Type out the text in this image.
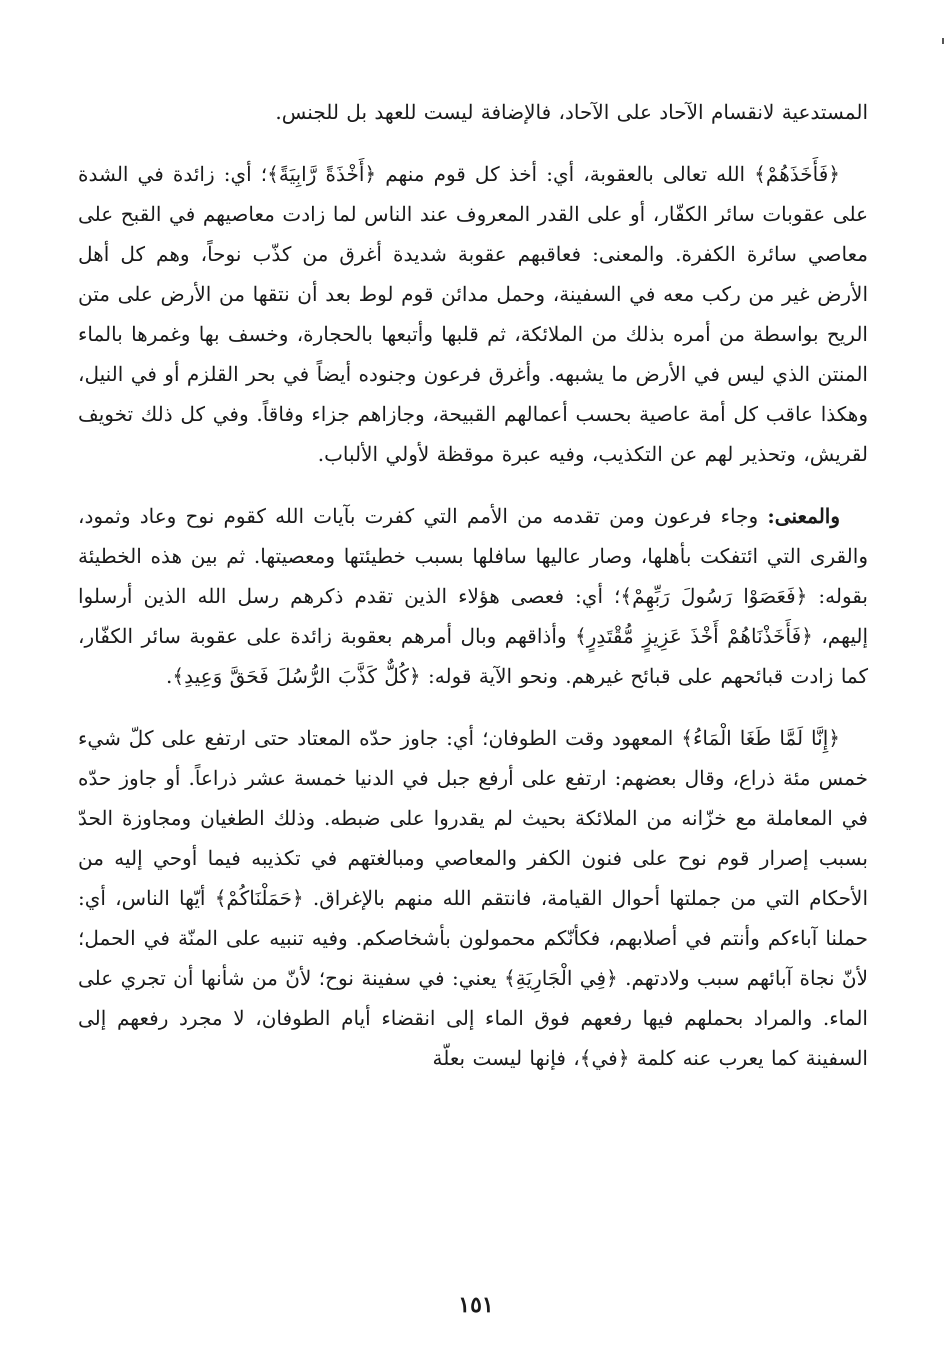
المستدعية لانقسام الآحاد على الآحاد، فالإضافة ليست للعهد بل للجنس.

﴿فَأَخَذَهُمْ﴾ الله تعالى بالعقوبة، أي: أخذ كل قوم منهم ﴿أَخْذَةً رَّابِيَةً﴾؛ أي: زائدة في الشدة على عقوبات سائر الكفّار، أو على القدر المعروف عند الناس لما زادت معاصيهم في القبح على معاصي سائرة الكفرة. والمعنى: فعاقبهم عقوبة شديدة أغرق من كذّب نوحاً، وهم كل أهل الأرض غير من ركب معه في السفينة، وحمل مدائن قوم لوط بعد أن نتقها من الأرض على متن الريح بواسطة من أمره بذلك من الملائكة، ثم قلبها وأتبعها بالحجارة، وخسف بها وغمرها بالماء المنتن الذي ليس في الأرض ما يشبهه. وأغرق فرعون وجنوده أيضاً في بحر القلزم أو في النيل، وهكذا عاقب كل أمة عاصية بحسب أعمالهم القبيحة، وجازاهم جزاء وفاقاً. وفي كل ذلك تخويف لقريش، وتحذير لهم عن التكذيب، وفيه عبرة موقظة لأولي الألباب.

والمعنى: وجاء فرعون ومن تقدمه من الأمم التي كفرت بآيات الله كقوم نوح وعاد وثمود، والقرى التي ائتفكت بأهلها، وصار عاليها سافلها بسبب خطيئتها ومعصيتها. ثم بين هذه الخطيئة بقوله: ﴿فَعَصَوْا رَسُولَ رَبِّهِمْ﴾؛ أي: فعصى هؤلاء الذين تقدم ذكرهم رسل الله الذين أرسلوا إليهم، ﴿فَأَخَذْنَاهُمْ أَخْذَ عَزِيزٍ مُّقْتَدِرٍ﴾ وأذاقهم وبال أمرهم بعقوبة زائدة على عقوبة سائر الكفّار، كما زادت قبائحهم على قبائح غيرهم. ونحو الآية قوله: ﴿كُلٌّ كَذَّبَ الرُّسُلَ فَحَقَّ وَعِيدِ﴾.

﴿إِنَّا لَمَّا طَغَا الْمَاءُ﴾ المعهود وقت الطوفان؛ أي: جاوز حدّه المعتاد حتى ارتفع على كلّ شيء خمس مئة ذراع، وقال بعضهم: ارتفع على أرفع جبل في الدنيا خمسة عشر ذراعاً. أو جاوز حدّه في المعاملة مع خزّانه من الملائكة بحيث لم يقدروا على ضبطه. وذلك الطغيان ومجاوزة الحدّ بسبب إصرار قوم نوح على فنون الكفر والمعاصي ومبالغتهم في تكذيبه فيما أوحي إليه من الأحكام التي من جملتها أحوال القيامة، فانتقم الله منهم بالإغراق. ﴿حَمَلْنَاكُمْ﴾ أيّها الناس، أي: حملنا آباءكم وأنتم في أصلابهم، فكأنّكم محمولون بأشخاصكم. وفيه تنبيه على المنّة في الحمل؛ لأنّ نجاة آبائهم سبب ولادتهم. ﴿فِي الْجَارِيَةِ﴾ يعني: في سفينة نوح؛ لأنّ من شأنها أن تجري على الماء. والمراد بحملهم فيها رفعهم فوق الماء إلى انقضاء أيام الطوفان، لا مجرد رفعهم إلى السفينة كما يعرب عنه كلمة ﴿في﴾، فإنها ليست بعلّة

١٥١
